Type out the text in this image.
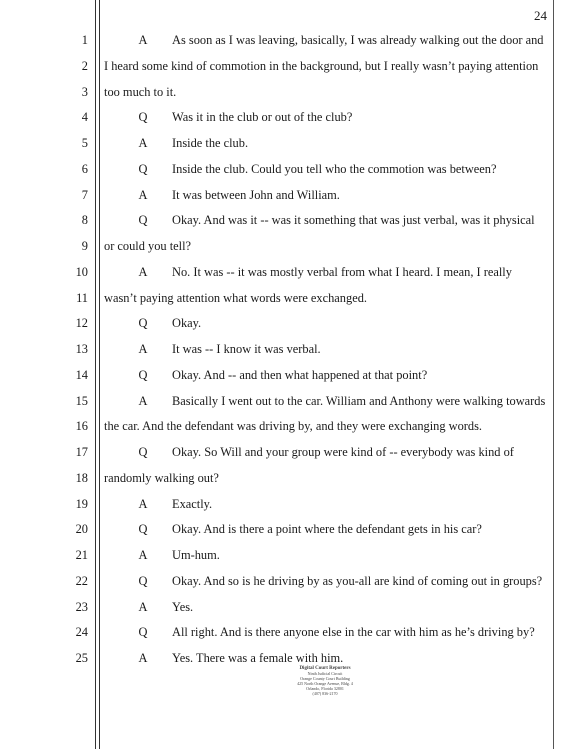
24
1	A As soon as I was leaving, basically, I was already walking out the door and
2 I heard some kind of commotion in the background, but I really wasn’t paying attention
3 too much to it.
4	Q Was it in the club or out of the club?
5	A Inside the club.
6	Q Inside the club. Could you tell who the commotion was between?
7	A It was between John and William.
8	Q Okay. And was it -- was it something that was just verbal, was it physical
9 or could you tell?
10	A No. It was -- it was mostly verbal from what I heard. I mean, I really
11 wasn’t paying attention what words were exchanged.
12	Q Okay.
13	A It was -- I know it was verbal.
14	Q Okay. And -- and then what happened at that point?
15	A Basically I went out to the car. William and Anthony were walking towards
16 the car. And the defendant was driving by, and they were exchanging words.
17	Q Okay. So Will and your group were kind of -- everybody was kind of
18 randomly walking out?
19	A Exactly.
20	Q Okay. And is there a point where the defendant gets in his car?
21	A Um-hum.
22	Q Okay. And so is he driving by as you-all are kind of coming out in groups?
23	A Yes.
24	Q All right. And is there anyone else in the car with him as he’s driving by?
25	A Yes. There was a female with him.
Digital Court Reporters
Ninth Judicial Circuit
Orange County Court Building
425 North Orange Avenue, Bldg. 4
Orlando, Florida 32801
(407) 836-2170
